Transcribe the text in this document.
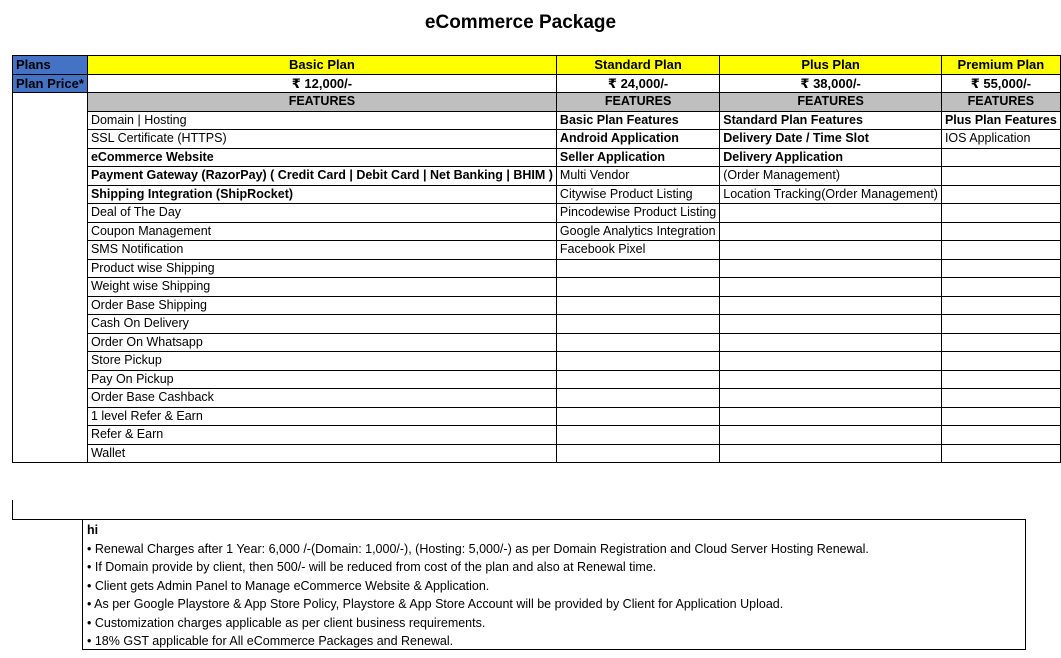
eCommerce Package
Plans	Basic Plan	Standard Plan	Plus Plan	Premium Plan
Plan Price*	₹ 12,000/-	₹ 24,000/-	₹ 38,000/-	₹ 55,000/-
	FEATURES	FEATURES	FEATURES	FEATURES
	Domain | Hosting	Basic Plan Features	Standard Plan Features	Plus Plan Features
	SSL Certificate (HTTPS)	Android Application	Delivery Date / Time Slot	IOS Application
	eCommerce Website	Seller Application	Delivery Application	
	Payment Gateway (RazorPay) ( Credit Card | Debit Card | Net Banking | BHIM )	Multi Vendor	(Order Management)	
	Shipping Integration (ShipRocket)	Citywise Product Listing	Location Tracking(Order Management)	
	Deal of The Day	Pincodewise Product Listing		
	Coupon Management	Google Analytics Integration		
	SMS Notification	Facebook Pixel		
	Product wise Shipping			
	Weight wise Shipping			
	Order Base Shipping			
	Cash On Delivery			
	Order On Whatsapp			
	Store Pickup			
	Pay On Pickup			
	Order Base Cashback			
	1 level Refer & Earn			
	Refer & Earn			
	Wallet			
hi
• Renewal Charges after 1 Year: 6,000 /-(Domain: 1,000/-), (Hosting: 5,000/-) as per Domain Registration and Cloud Server Hosting Renewal.
• If Domain provide by client, then 500/- will be reduced from cost of the plan and also at Renewal time.
• Client gets Admin Panel to Manage eCommerce Website & Application.
• As per Google Playstore & App Store Policy, Playstore & App Store Account will be provided by Client for Application Upload.
• Customization charges applicable as per client business requirements.
• 18% GST applicable for All eCommerce Packages and Renewal.
